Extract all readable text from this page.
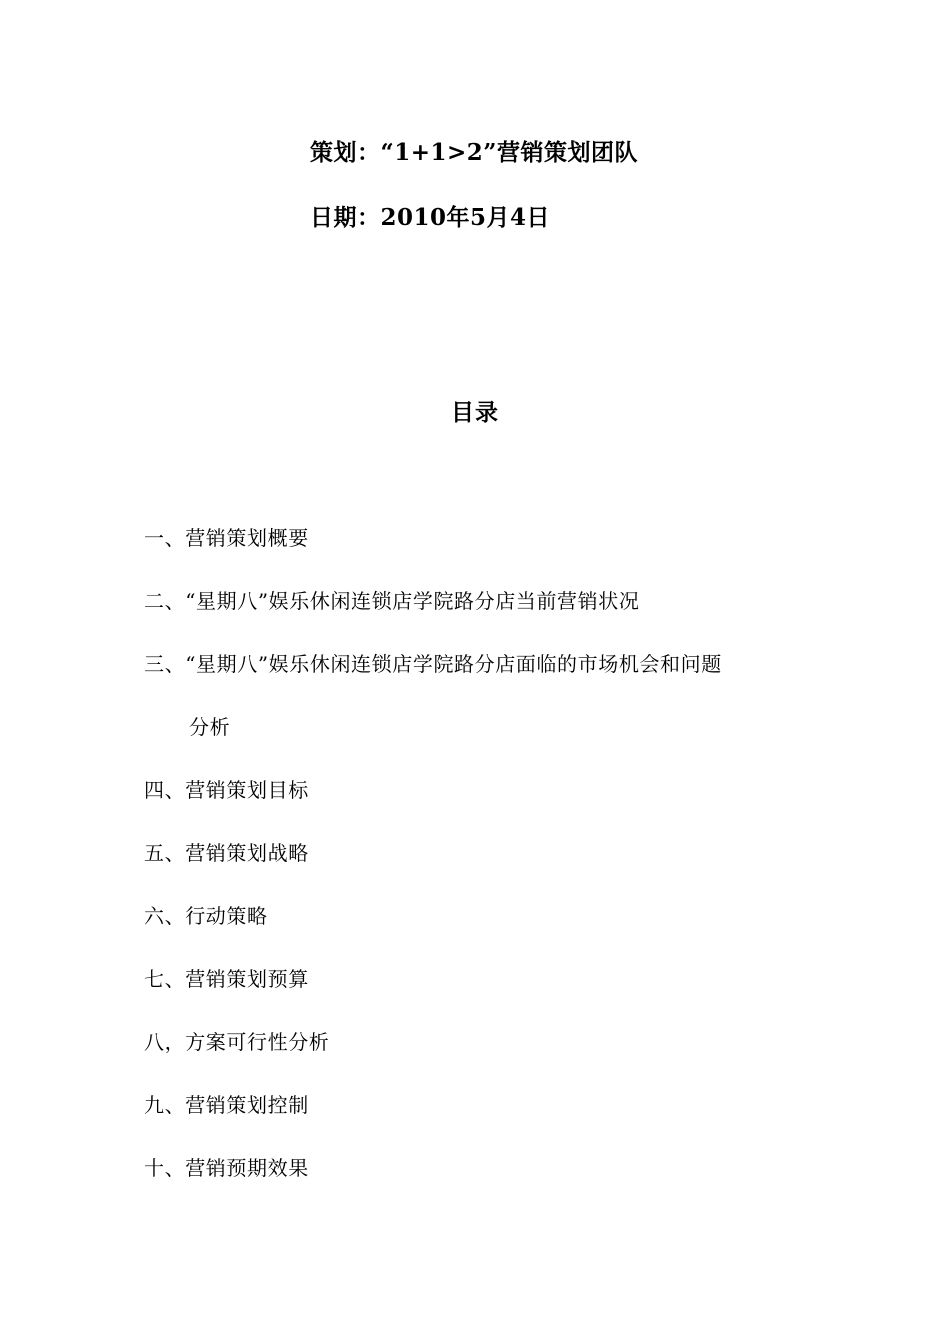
策划：“1+1>2”营销策划团队
日期：2010年5月4日
目录
一、营销策划概要
二、“星期八”娱乐休闲连锁店学院路分店当前营销状况
三、“星期八”娱乐休闲连锁店学院路分店面临的市场机会和问题
分析
四、营销策划目标
五、营销策划战略
六、行动策略
七、营销策划预算
八，方案可行性分析
九、营销策划控制
十、营销预期效果
